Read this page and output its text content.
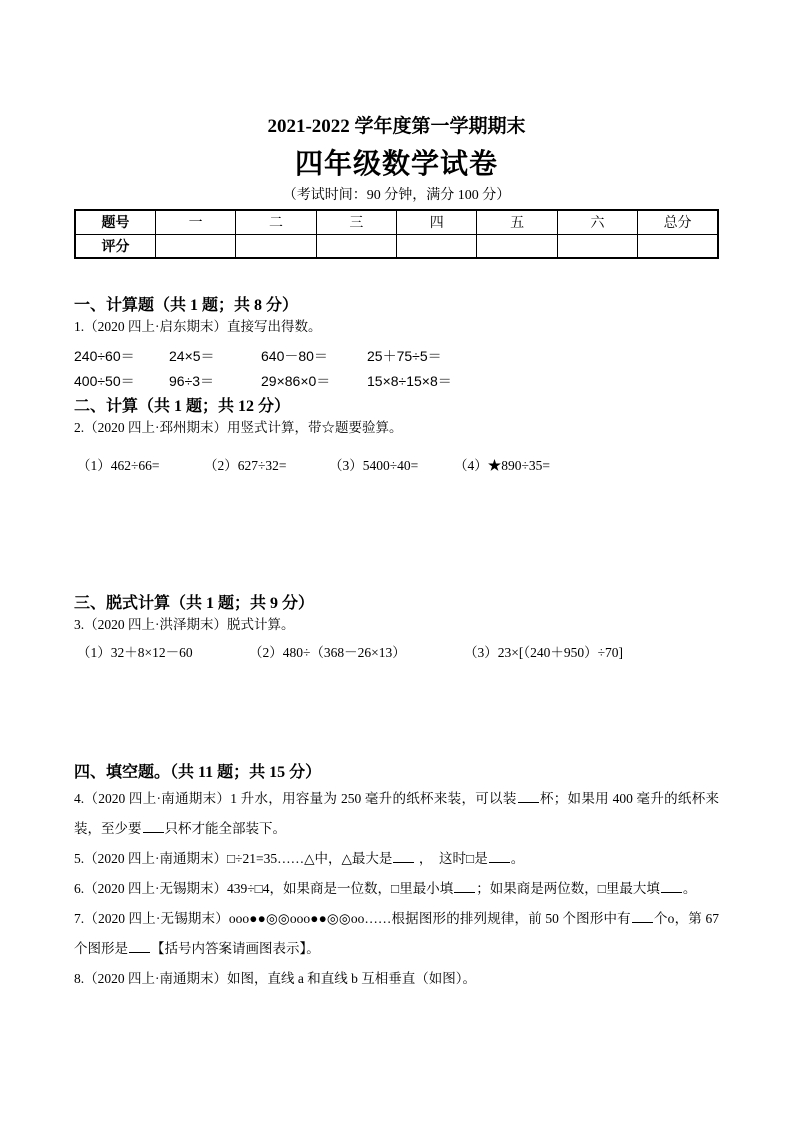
2021-2022 学年度第一学期期末
四年级数学试卷
（考试时间：90 分钟，满分 100 分）
题号	一	二	三	四	五	六	总分
评分							
一、计算题（共 1 题；共 8 分）

1.（2020 四上·启东期末）直接写出得数。

240÷60＝	24×5＝	640－80＝	25＋75÷5＝
400÷50＝	96÷3＝	29×86×0＝	15×8÷15×8＝
二、计算（共 1 题；共 12 分）

2.（2020 四上·邳州期末）用竖式计算，带☆题要验算。

（1）462÷66=	（2）627÷32=	（3）5400÷40=	（4）★890÷35=
三、脱式计算（共 1 题；共 9 分）

3.（2020 四上·洪泽期末）脱式计算。

（1）32＋8×12－60	（2）480÷（368－26×13）	（3）23×[（240＋950）÷70]
四、填空题。（共 11 题；共 15 分）

4.（2020 四上·南通期末）1 升水，用容量为 250 毫升的纸杯来装，可以装 杯；如果用 400 毫升的纸杯来装，至少要 只杯才能全部装下。

5.（2020 四上·南通期末）□÷21=35……△中，△最大是 ，　这时□是 。

6.（2020 四上·无锡期末）439÷□4，如果商是一位数，□里最小填 ；如果商是两位数，□里最大填 。

7.（2020 四上·无锡期末）ooo●●◎◎ooo●●◎◎oo……根据图形的排列规律，前 50 个图形中有 个o，第 67 个图形是 【括号内答案请画图表示】。

8.（2020 四上·南通期末）如图，直线 a 和直线 b 互相垂直（如图）。
